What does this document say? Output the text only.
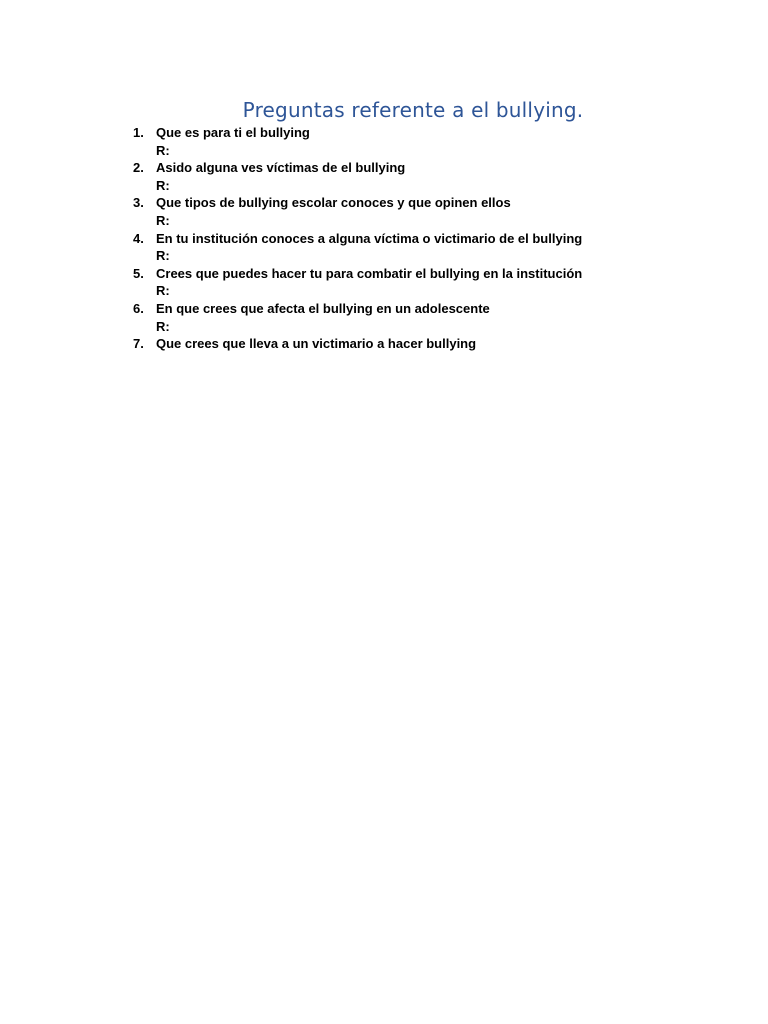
Preguntas referente a el bullying.
1. Que es para ti el bullying
R:
2. Asido alguna ves víctimas de el bullying
R:
3. Que tipos de bullying escolar conoces y que opinen ellos
R:
4. En tu institución conoces a alguna víctima o victimario de el bullying
R:
5. Crees que puedes hacer tu para combatir el bullying en la institución
R:
6. En que crees que afecta el bullying en un adolescente
R:
7. Que crees que lleva a un victimario a hacer bullying
